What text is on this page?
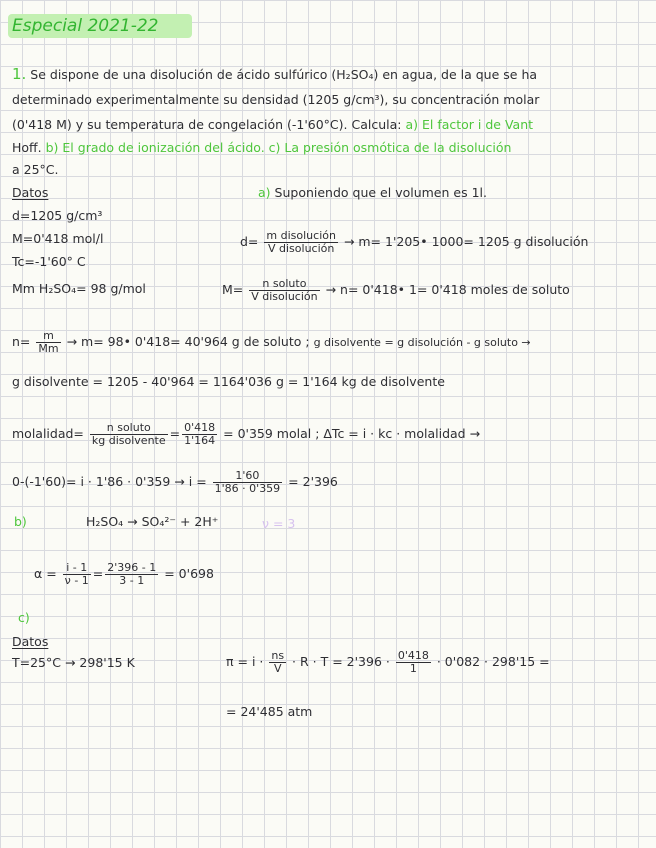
Especial 2021-22
1. Se dispone de una disolución de ácido sulfúrico (H₂SO₄) en agua, de la que se ha
determinado experimentalmente su densidad (1205 g/cm³), su concentración molar
(0'418 M) y su temperatura de congelación (-1'60°C). Calcula: a) El factor i de Vant
Hoff. b) El grado de ionización del ácido. c) La presión osmótica de la disolución
a 25°C.
Datos
d=1205 g/cm³
M=0'418 mol/l
Tc=-1'60° C
Mm H₂SO₄= 98 g/mol
a) Suponiendo que el volumen es 1l.
$d= \frac{\text{m disolución}}{\text{V disolución}} \to m=$ 1'205• 1000= 1205 g disolución
$M= \frac{\text{n soluto}}{\text{V disolución}} \to n=$ 0'418• 1= 0'418 moles de soluto
$n= \frac{m}{Mm} \to m=$ 98• 0'418= 40'964 g de soluto ; g disolvente = g disolución - g soluto →
g disolvente = 1205 - 40'964 = 1164'036 g = 1'164 kg de disolvente
molalidad= $\frac{\text{n soluto}}{\text{kg disolvente}} = \frac{0'418}{1'164} = 0'359$ molal ; ΔTc = i · kc · molalidad →
$0-(-1'60)= i \cdot 1'86 \cdot 0'359 \to i = \frac{1'60}{1'86 \cdot 0'359} = 2'396$
b)	H₂SO₄ → SO₄²⁻ + 2H⁺	ν = 3
$\alpha = \frac{i - 1}{\nu - 1} = \frac{2'396 - 1}{3 - 1} = 0'698$
c)
Datos
T=25°C → 298'15 K	$\pi = i \cdot \frac{ns}{V} \cdot R \cdot T = 2'396 \cdot \frac{0'418}{1} \cdot 0'082 \cdot 298'15$ =
= 24'485 atm
